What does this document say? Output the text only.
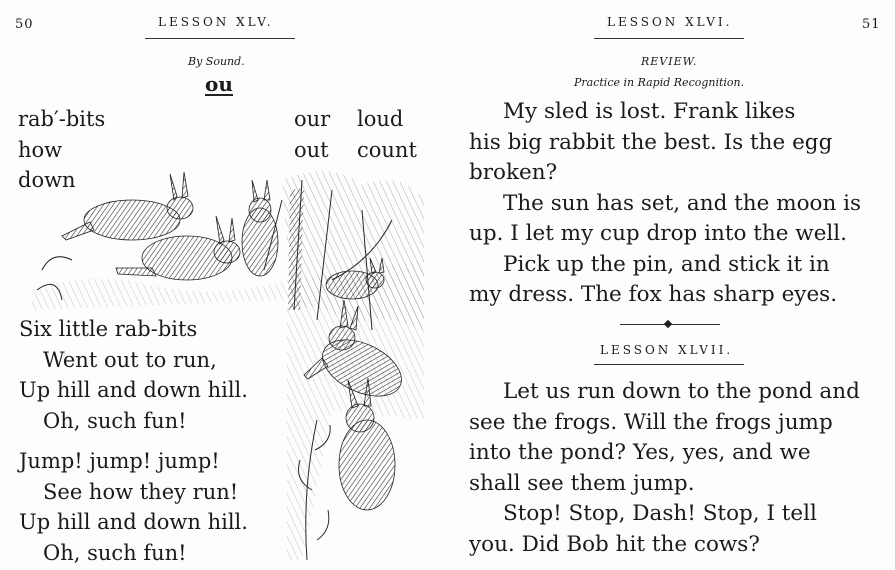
50	LESSON XLV.
By Sound.
ou
rab′-bits
how
down
our
out
loud
count
Six little rab-bits
Went out to run,
Up hill and down hill.
Oh, such fun!
Jump! jump! jump!
See how they run!
Up hill and down hill.
Oh, such fun!
LESSON XLVI.	51
REVIEW.
Practice in Rapid Recognition.
My sled is lost. Frank likes
his big rabbit the best. Is the egg
broken?
The sun has set, and the moon is
up. I let my cup drop into the well.
Pick up the pin, and stick it in
my dress. The fox has sharp eyes.
LESSON XLVII.
Let us run down to the pond and
see the frogs. Will the frogs jump
into the pond? Yes, yes, and we
shall see them jump.
Stop! Stop, Dash! Stop, I tell
you. Did Bob hit the cows?
